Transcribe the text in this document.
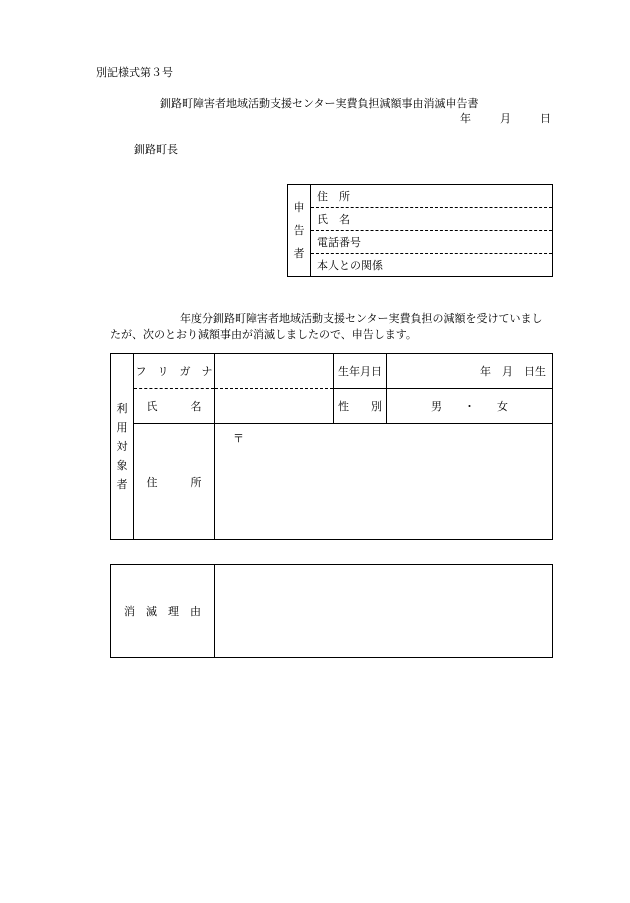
別記様式第３号
釧路町障害者地域活動支援センター実費負担減額事由消滅申告書
年	月	日
釧路町長
申
告
者
	住　所
氏　名
電話番号
本人との関係
年度分釧路町障害者地域活動支援センター実費負担の減額を受けていまし
たが、次のとおり減額事由が消滅しましたので、申告します。
利
用
対
象
者	フ　リ　ガ　ナ		生年月日	年　月　日生
	氏　　　名		性　　別	男　　・　　女
	住　　　所	〒		
消　滅　理　由	
